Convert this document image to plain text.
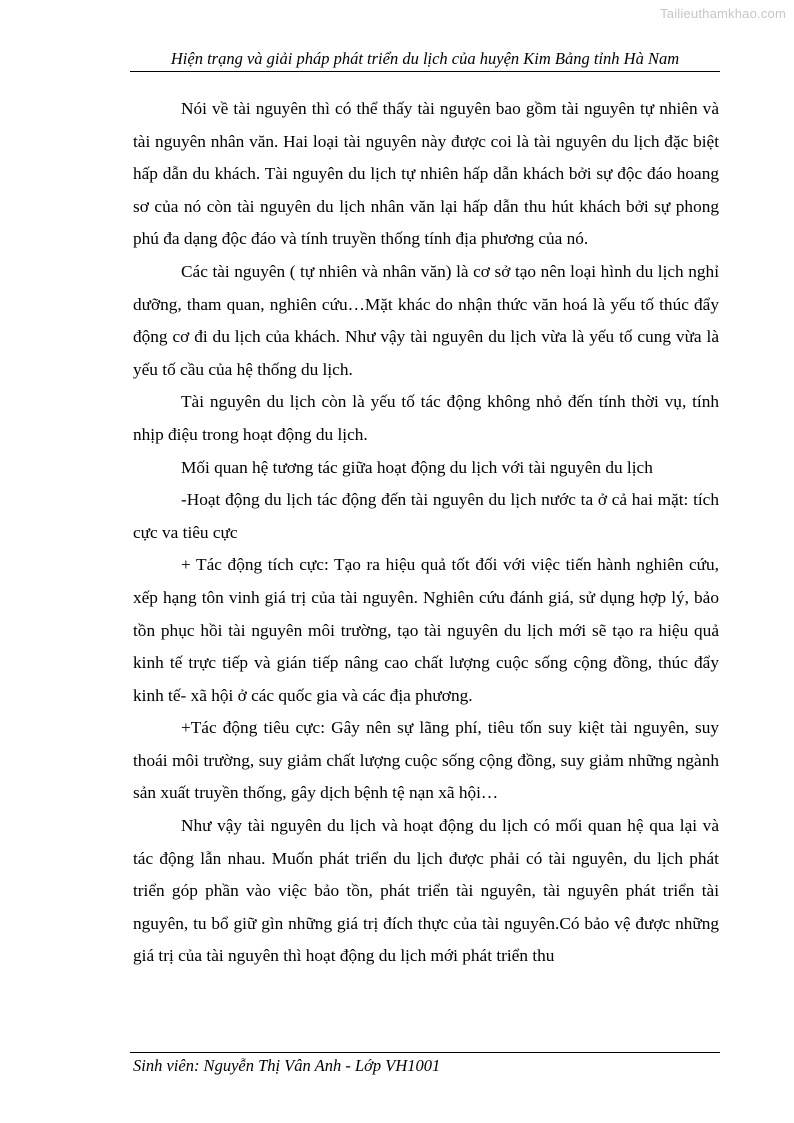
Tailieuthamkhao.com
Hiện trạng và giải pháp phát triển du lịch của huyện Kim Bảng tỉnh Hà Nam

Nói về tài nguyên thì có thể thấy tài nguyên bao gồm tài nguyên tự nhiên và tài nguyên nhân văn. Hai loại tài nguyên này được coi là tài nguyên du lịch đặc biệt hấp dẫn du khách. Tài nguyên du lịch tự nhiên hấp dẫn khách bởi sự độc đáo hoang sơ của nó còn tài nguyên du lịch nhân văn lại hấp dẫn thu hút khách bởi sự phong phú đa dạng độc đáo và tính truyền thống tính địa phương của nó.

Các tài nguyên ( tự nhiên và nhân văn) là cơ sở tạo nên loại hình du lịch nghỉ dưỡng, tham quan, nghiên cứu…Mặt khác do nhận thức văn hoá là yếu tố thúc đẩy động cơ đi du lịch của khách. Như vậy tài nguyên du lịch vừa là yếu tố cung vừa là yếu tố cầu của hệ thống du lịch.

Tài nguyên du lịch còn là yếu tố tác động không nhỏ đến tính thời vụ, tính nhịp điệu trong hoạt động du lịch.

Mối quan hệ tương tác giữa hoạt động du lịch với tài nguyên du lịch

-Hoạt động du lịch tác động đến tài nguyên du lịch nước ta ở cả hai mặt: tích cực va tiêu cực

+ Tác động tích cực: Tạo ra hiệu quả tốt đối với việc tiến hành nghiên cứu, xếp hạng tôn vinh giá trị của tài nguyên. Nghiên cứu đánh giá, sử dụng hợp lý, bảo tồn phục hồi tài nguyên môi trường, tạo tài nguyên du lịch mới sẽ tạo ra hiệu quả kinh tế trực tiếp và gián tiếp nâng cao chất lượng cuộc sống cộng đồng, thúc đẩy kinh tế- xã hội ở các quốc gia và các địa phương.

+Tác động tiêu cực: Gây nên sự lãng phí, tiêu tốn suy kiệt tài nguyên, suy thoái môi trường, suy giảm chất lượng cuộc sống cộng đồng, suy giảm những ngành sản xuất truyền thống, gây dịch bệnh tệ nạn xã hội…

Như vậy tài nguyên du lịch và hoạt động du lịch có mối quan hệ qua lại và tác động lẫn nhau. Muốn phát triển du lịch được phải có tài nguyên, du lịch phát triển góp phần vào việc bảo tồn, phát triển tài nguyên, tài nguyên phát triển tài nguyên, tu bổ giữ gìn những giá trị đích thực của tài nguyên.Có bảo vệ được những giá trị của tài nguyên thì hoạt động du lịch mới phát triển thu

Sinh viên: Nguyễn Thị Vân Anh - Lớp VH1001
